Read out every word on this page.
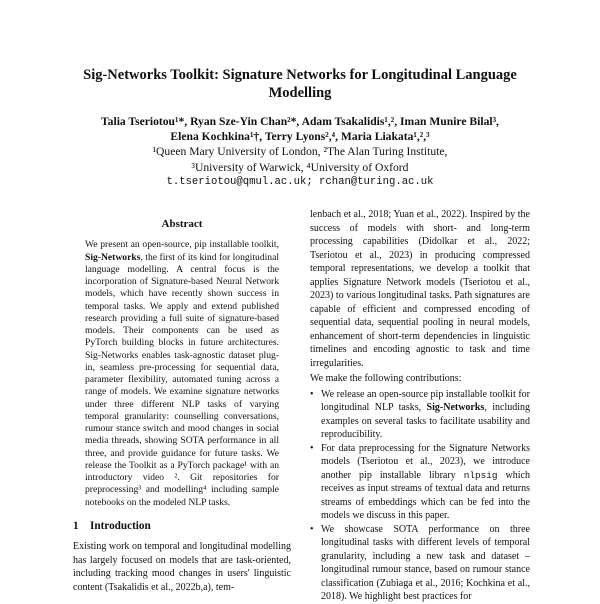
Sig-Networks Toolkit: Signature Networks for Longitudinal Language
Modelling
Talia Tseriotou¹*, Ryan Sze-Yin Chan²*, Adam Tsakalidis¹,², Iman Munire Bilal³,
Elena Kochkina¹†, Terry Lyons²,⁴, Maria Liakata¹,²,³
¹Queen Mary University of London, ²The Alan Turing Institute,
³University of Warwick, ⁴University of Oxford
t.tseriotou@qmul.ac.uk; rchan@turing.ac.uk
Abstract

We present an open-source, pip installable toolkit, Sig-Networks, the first of its kind for longitudinal language modelling. A central focus is the incorporation of Signature-based Neural Network models, which have recently shown success in temporal tasks. We apply and extend published research providing a full suite of signature-based models. Their components can be used as PyTorch building blocks in future architectures. Sig-Networks enables task-agnostic dataset plug-in, seamless pre-processing for sequential data, parameter flexibility, automated tuning across a range of models. We examine signature networks under three different NLP tasks of varying temporal granularity: counselling conversations, rumour stance switch and mood changes in social media threads, showing SOTA performance in all three, and provide guidance for future tasks. We release the Toolkit as a PyTorch package¹ with an introductory video ². Git repositories for preprocessing³ and modelling⁴ including sample notebooks on the modeled NLP tasks.

1 Introduction

Existing work on temporal and longitudinal modelling has largely focused on models that are task-oriented, including tracking mood changes in users' linguistic content (Tsakalidis et al., 2022b,a), tem-

lenbach et al., 2018; Yuan et al., 2022). Inspired by the success of models with short- and long-term processing capabilities (Didolkar et al., 2022; Tseriotou et al., 2023) in producing compressed temporal representations, we develop a toolkit that applies Signature Network models (Tseriotou et al., 2023) to various longitudinal tasks. Path signatures are capable of efficient and compressed encoding of sequential data, sequential pooling in neural models, enhancement of short-term dependencies in linguistic timelines and encoding agnostic to task and time irregularities.

We make the following contributions:

• We release an open-source pip installable toolkit for longitudinal NLP tasks, Sig-Networks, including examples on several tasks to facilitate usability and reproducibility.
• For data preprocessing for the Signature Networks models (Tseriotou et al., 2023), we introduce another pip installable library nlpsig which receives as input streams of textual data and returns streams of embeddings which can be fed into the models we discuss in this paper.
• We showcase SOTA performance on three longitudinal tasks with different levels of temporal granularity, including a new task and dataset – longitudinal rumour stance, based on rumour stance classification (Zubiaga et al., 2016; Kochkina et al., 2018). We highlight best practices for
